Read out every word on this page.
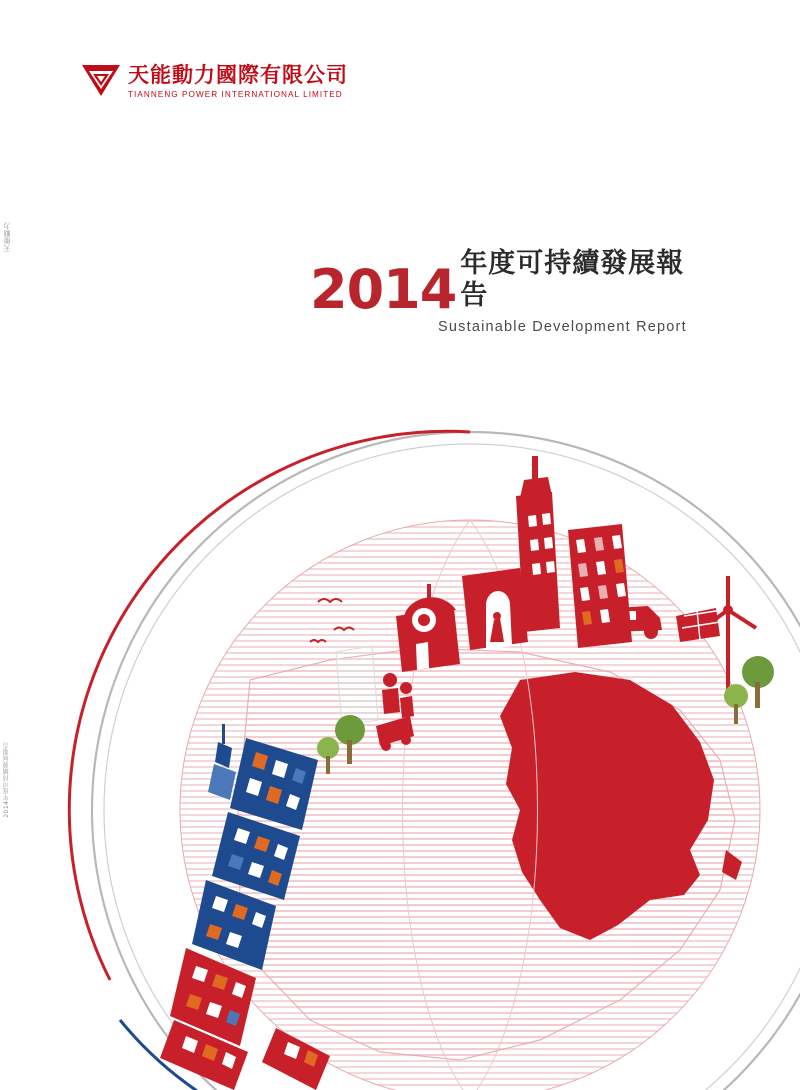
天能動力
2014年度可持續發展報告
天能動力國際有限公司
TIANNENG POWER INTERNATIONAL LIMITED
2014 年度可持續發展報告
Sustainable Development Report
